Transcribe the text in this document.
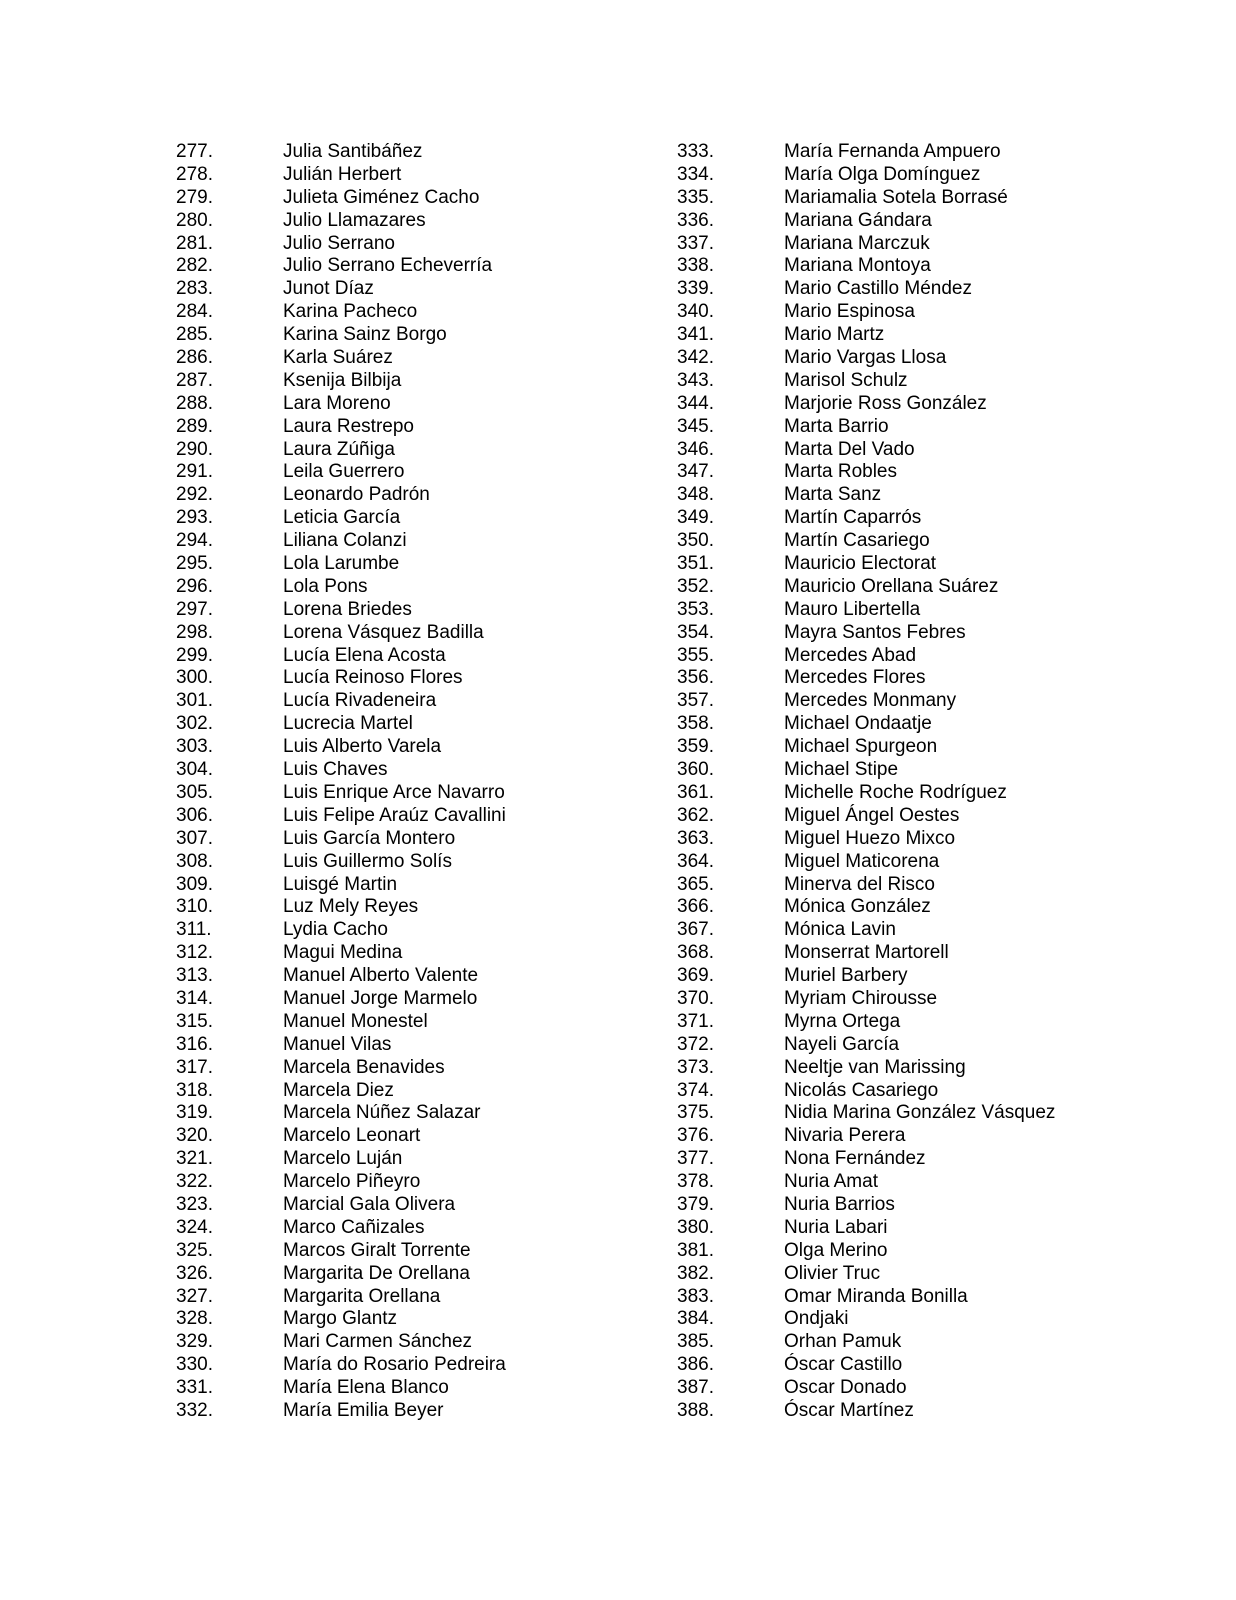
277.	Julia Santibáñez
278.	Julián Herbert
279.	Julieta Giménez Cacho
280.	Julio Llamazares
281.	Julio Serrano
282.	Julio Serrano Echeverría
283.	Junot Díaz
284.	Karina Pacheco
285.	Karina Sainz Borgo
286.	Karla Suárez
287.	Ksenija Bilbija
288.	Lara Moreno
289.	Laura Restrepo
290.	Laura Zúñiga
291.	Leila Guerrero
292.	Leonardo Padrón
293.	Leticia García
294.	Liliana Colanzi
295.	Lola Larumbe
296.	Lola Pons
297.	Lorena Briedes
298.	Lorena Vásquez Badilla
299.	Lucía Elena Acosta
300.	Lucía Reinoso Flores
301.	Lucía Rivadeneira
302.	Lucrecia Martel
303.	Luis Alberto Varela
304.	Luis Chaves
305.	Luis Enrique Arce Navarro
306.	Luis Felipe Araúz Cavallini
307.	Luis García Montero
308.	Luis Guillermo Solís
309.	Luisgé Martin
310.	Luz Mely Reyes
311.	Lydia Cacho
312.	Magui Medina
313.	Manuel Alberto Valente
314.	Manuel Jorge Marmelo
315.	Manuel Monestel
316.	Manuel Vilas
317.	Marcela Benavides
318.	Marcela Diez
319.	Marcela Núñez Salazar
320.	Marcelo Leonart
321.	Marcelo Luján
322.	Marcelo Piñeyro
323.	Marcial Gala Olivera
324.	Marco Cañizales
325.	Marcos Giralt Torrente
326.	Margarita De Orellana
327.	Margarita Orellana
328.	Margo Glantz
329.	Mari Carmen Sánchez
330.	María do Rosario Pedreira
331.	María Elena Blanco
332.	María Emilia Beyer
333.	María Fernanda Ampuero
334.	María Olga Domínguez
335.	Mariamalia Sotela Borrasé
336.	Mariana Gándara
337.	Mariana Marczuk
338.	Mariana Montoya
339.	Mario Castillo Méndez
340.	Mario Espinosa
341.	Mario Martz
342.	Mario Vargas Llosa
343.	Marisol Schulz
344.	Marjorie Ross González
345.	Marta Barrio
346.	Marta Del Vado
347.	Marta Robles
348.	Marta Sanz
349.	Martín Caparrós
350.	Martín Casariego
351.	Mauricio Electorat
352.	Mauricio Orellana Suárez
353.	Mauro Libertella
354.	Mayra Santos Febres
355.	Mercedes Abad
356.	Mercedes Flores
357.	Mercedes Monmany
358.	Michael Ondaatje
359.	Michael Spurgeon
360.	Michael Stipe
361.	Michelle Roche Rodríguez
362.	Miguel Ángel Oestes
363.	Miguel Huezo Mixco
364.	Miguel Maticorena
365.	Minerva del Risco
366.	Mónica González
367.	Mónica Lavin
368.	Monserrat Martorell
369.	Muriel Barbery
370.	Myriam Chirousse
371.	Myrna Ortega
372.	Nayeli García
373.	Neeltje van Marissing
374.	Nicolás Casariego
375.	Nidia Marina González Vásquez
376.	Nivaria Perera
377.	Nona Fernández
378.	Nuria Amat
379.	Nuria Barrios
380.	Nuria Labari
381.	Olga Merino
382.	Olivier Truc
383.	Omar Miranda Bonilla
384.	Ondjaki
385.	Orhan Pamuk
386.	Óscar Castillo
387.	Oscar Donado
388.	Óscar Martínez
